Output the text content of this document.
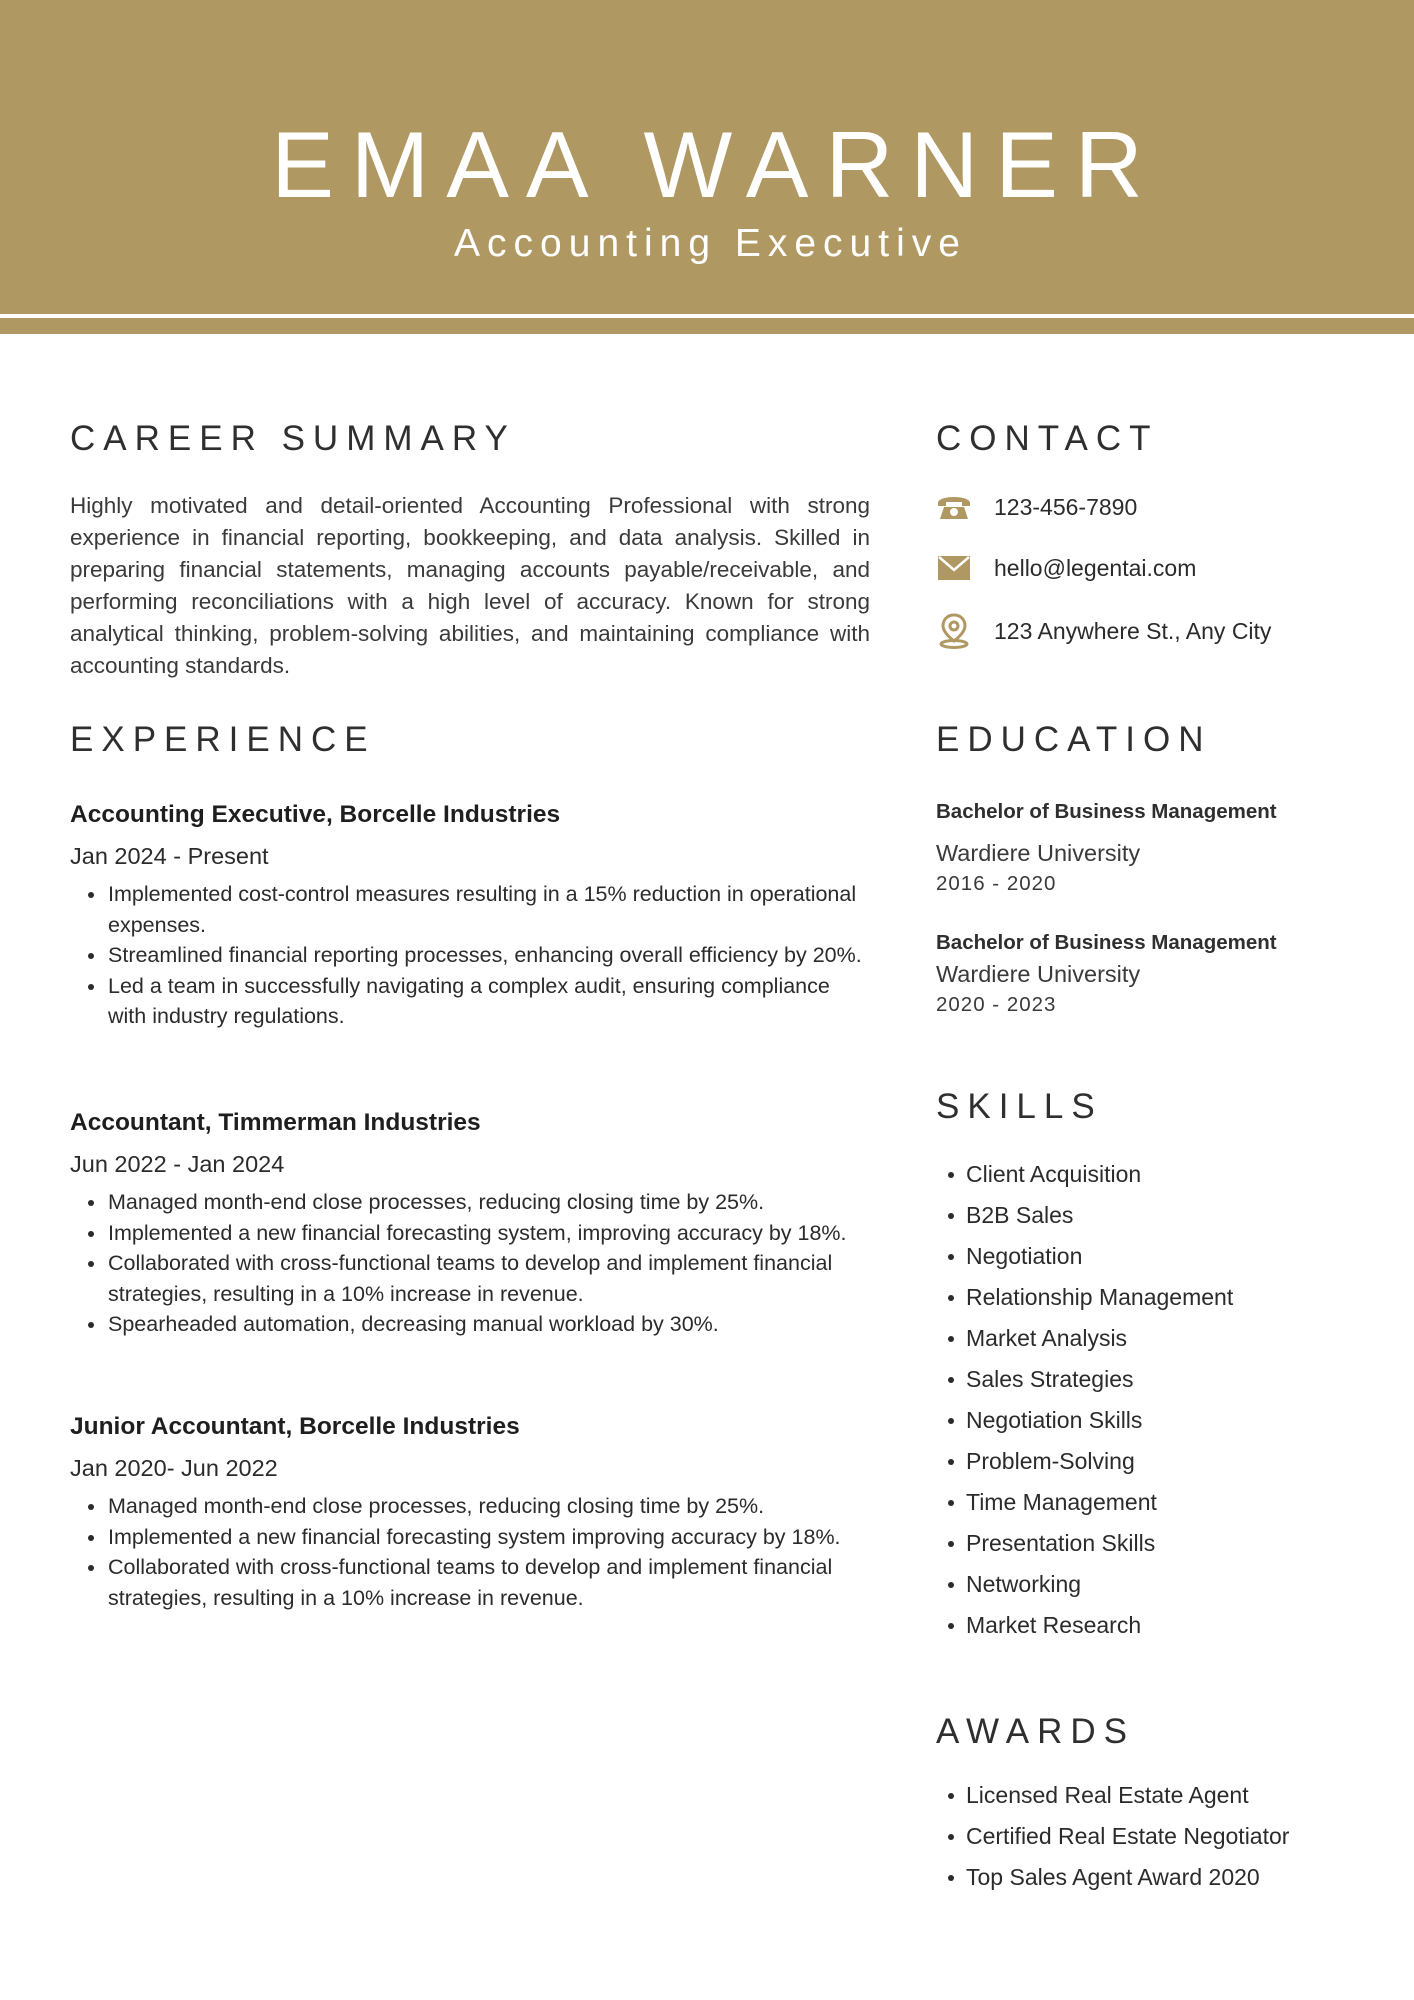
EMAA WARNER
Accounting Executive
CAREER SUMMARY

Highly motivated and detail-oriented Accounting Professional with strong experience in financial reporting, bookkeeping, and data analysis. Skilled in preparing financial statements, managing accounts payable/receivable, and performing reconciliations with a high level of accuracy. Known for strong analytical thinking, problem-solving abilities, and maintaining compliance with accounting standards.

EXPERIENCE
Accounting Executive, Borcelle Industries
Jan 2024 - Present
Implemented cost-control measures resulting in a 15% reduction in operational expenses.
Streamlined financial reporting processes, enhancing overall efficiency by 20%.
Led a team in successfully navigating a complex audit, ensuring compliance with industry regulations.
Accountant, Timmerman Industries
Jun 2022 - Jan 2024
Managed month-end close processes, reducing closing time by 25%.
Implemented a new financial forecasting system, improving accuracy by 18%.
Collaborated with cross-functional teams to develop and implement financial strategies, resulting in a 10% increase in revenue.
Spearheaded automation, decreasing manual workload by 30%.
Junior Accountant, Borcelle Industries
Jan 2020- Jun 2022
Managed month-end close processes, reducing closing time by 25%.
Implemented a new financial forecasting system improving accuracy by 18%.
Collaborated with cross-functional teams to develop and implement financial strategies, resulting in a 10% increase in revenue.
CONTACT
123-456-7890
hello@legentai.com
123 Anywhere St., Any City
EDUCATION
Bachelor of Business Management
Wardiere University
2016 - 2020
Bachelor of Business Management
Wardiere University
2020 - 2023
SKILLS
Client Acquisition
B2B Sales
Negotiation
Relationship Management
Market Analysis
Sales Strategies
Negotiation Skills
Problem-Solving
Time Management
Presentation Skills
Networking
Market Research
AWARDS
Licensed Real Estate Agent
Certified Real Estate Negotiator
Top Sales Agent Award 2020
